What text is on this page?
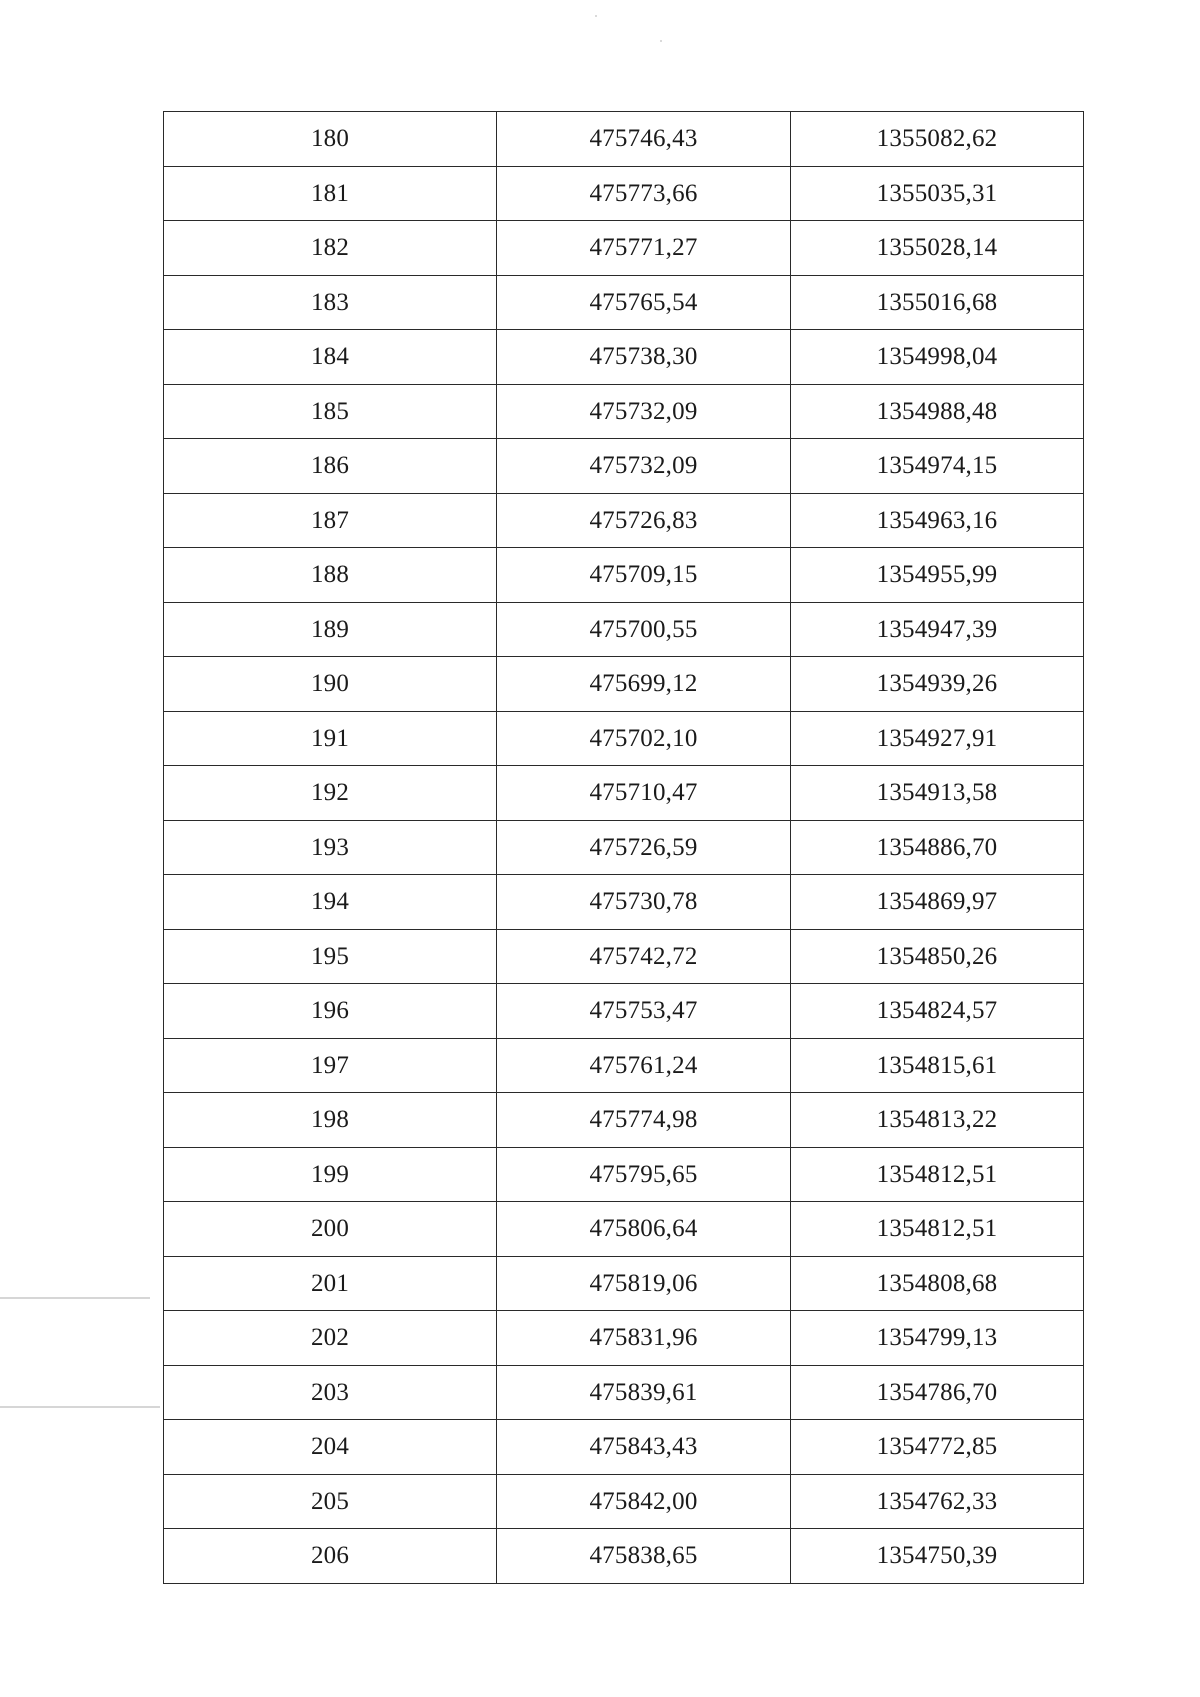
180	475746,43	1355082,62
181	475773,66	1355035,31
182	475771,27	1355028,14
183	475765,54	1355016,68
184	475738,30	1354998,04
185	475732,09	1354988,48
186	475732,09	1354974,15
187	475726,83	1354963,16
188	475709,15	1354955,99
189	475700,55	1354947,39
190	475699,12	1354939,26
191	475702,10	1354927,91
192	475710,47	1354913,58
193	475726,59	1354886,70
194	475730,78	1354869,97
195	475742,72	1354850,26
196	475753,47	1354824,57
197	475761,24	1354815,61
198	475774,98	1354813,22
199	475795,65	1354812,51
200	475806,64	1354812,51
201	475819,06	1354808,68
202	475831,96	1354799,13
203	475839,61	1354786,70
204	475843,43	1354772,85
205	475842,00	1354762,33
206	475838,65	1354750,39
